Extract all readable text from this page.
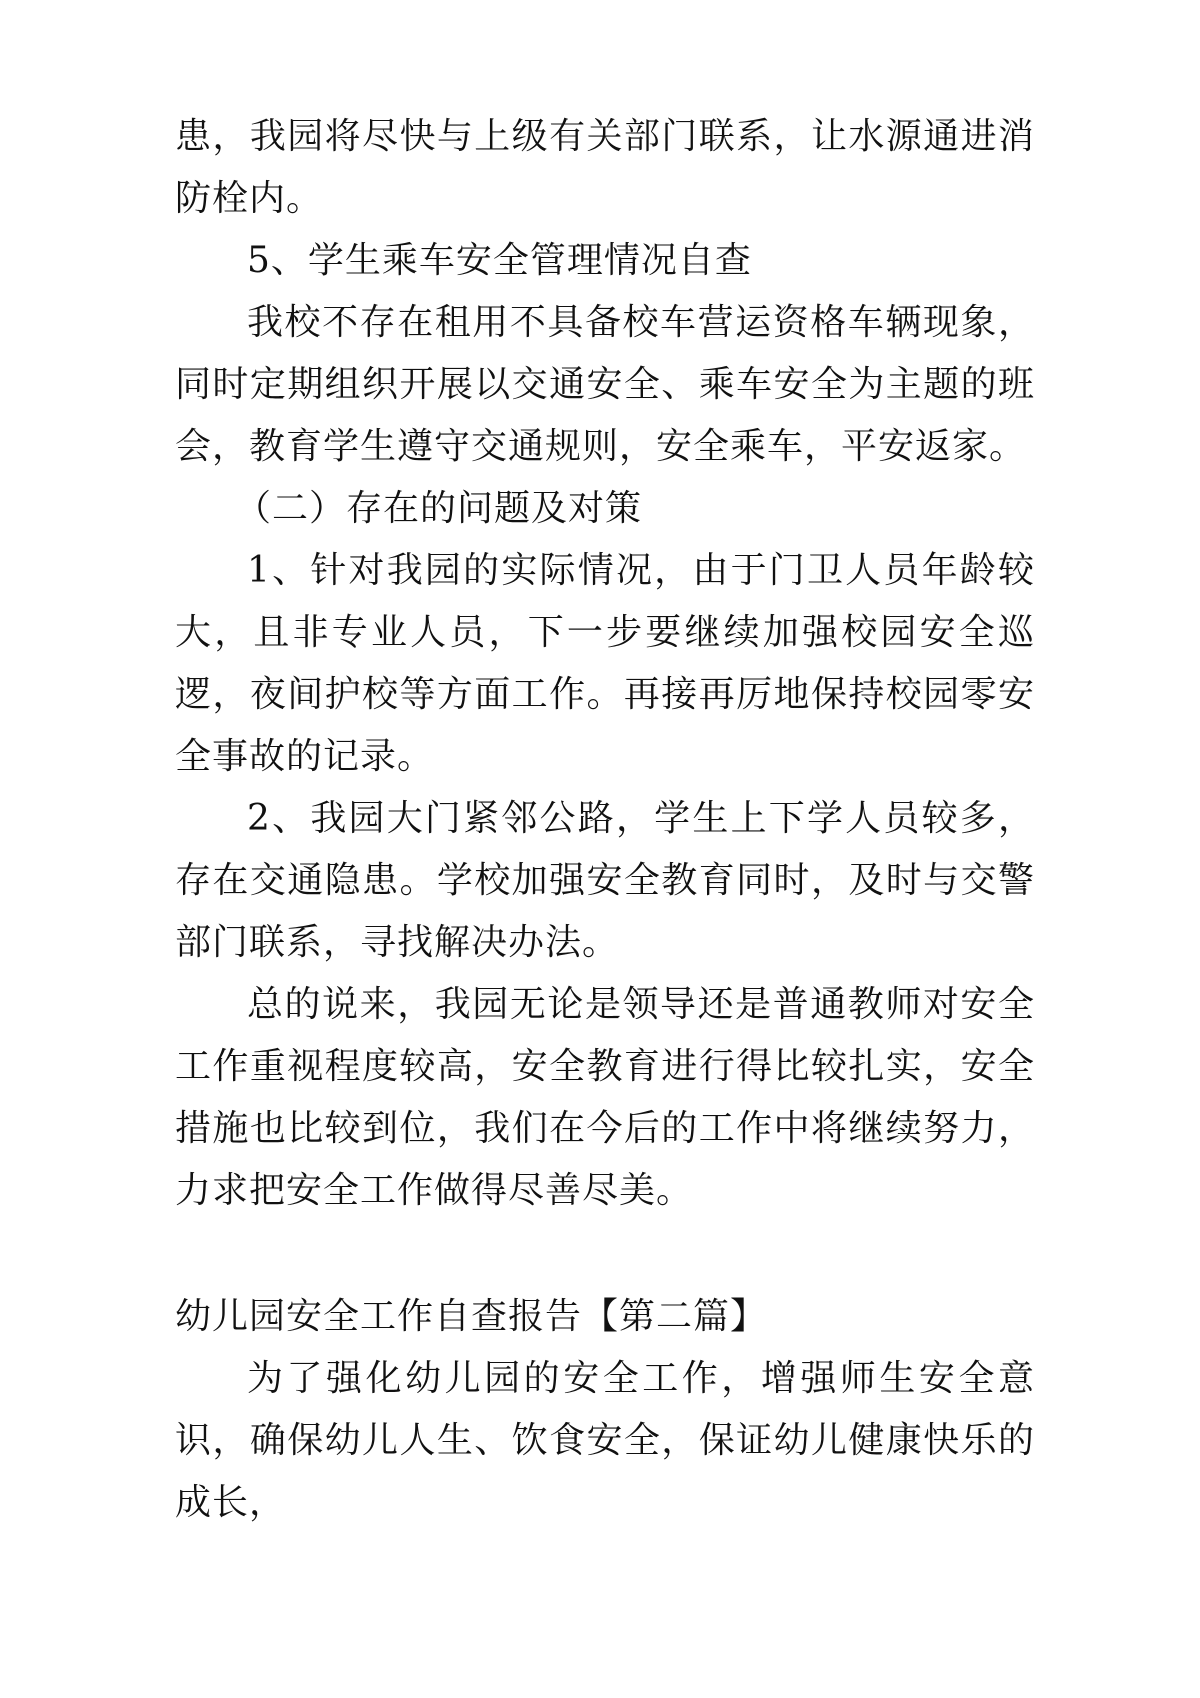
患，我园将尽快与上级有关部门联系，让水源通进消防栓内。
5、学生乘车安全管理情况自查
我校不存在租用不具备校车营运资格车辆现象，同时定期组织开展以交通安全、乘车安全为主题的班会，教育学生遵守交通规则，安全乘车，平安返家。
（二）存在的问题及对策
1、针对我园的实际情况，由于门卫人员年龄较大，且非专业人员，下一步要继续加强校园安全巡逻，夜间护校等方面工作。再接再厉地保持校园零安全事故的记录。
2、我园大门紧邻公路，学生上下学人员较多，存在交通隐患。学校加强安全教育同时，及时与交警部门联系，寻找解决办法。
总的说来，我园无论是领导还是普通教师对安全工作重视程度较高，安全教育进行得比较扎实，安全措施也比较到位，我们在今后的工作中将继续努力，力求把安全工作做得尽善尽美。
幼儿园安全工作自查报告【第二篇】
为了强化幼儿园的安全工作，增强师生安全意识，确保幼儿人生、饮食安全，保证幼儿健康快乐的成长，
